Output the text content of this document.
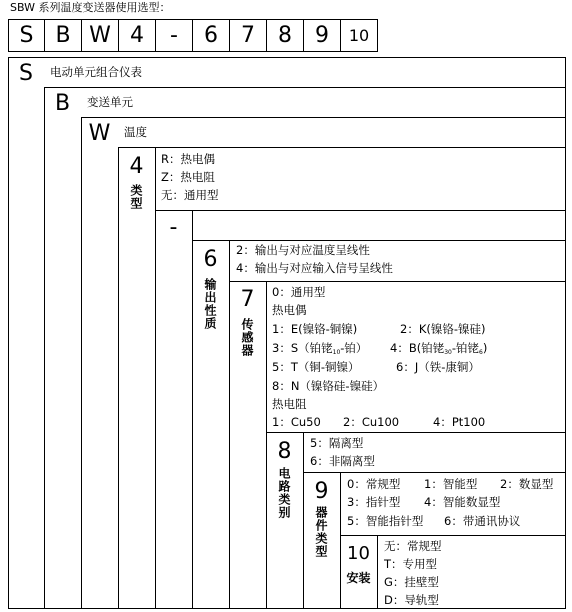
SBW 系列温度变送器使用选型：
S B W 4	-	6	7	8	9	10
S
B
W
4
-
6
7
8
9
10
类型
输出性质
传感器
电路类别
器件类型
安装
电动单元组合仪表
变送单元
温度
R：热电偶
Z：热电阻
无：通用型
2：输出与对应温度呈线性
4：输出与对应输入信号呈线性
0：通用型
热电偶
1：E(镍铬-铜镍)	2：K(镍铬-镍硅)
3：S（铂铑$_{10}$-铂） 4：B(铂铑$_{30}$-铂铑$_6$)
5：T（铜-铜镍）	6：J（铁-康铜）
8：N（镍铬硅-镍硅）
热电阻
1：Cu50 2：Cu100	4：Pt100
5：隔离型
6：非隔离型
0：常规型 1：智能型 2：数显型
3：指针型 4：智能数显型
5：智能指针型 6：带通讯协议
无：常规型
T：专用型
G：挂壁型
D：导轨型
